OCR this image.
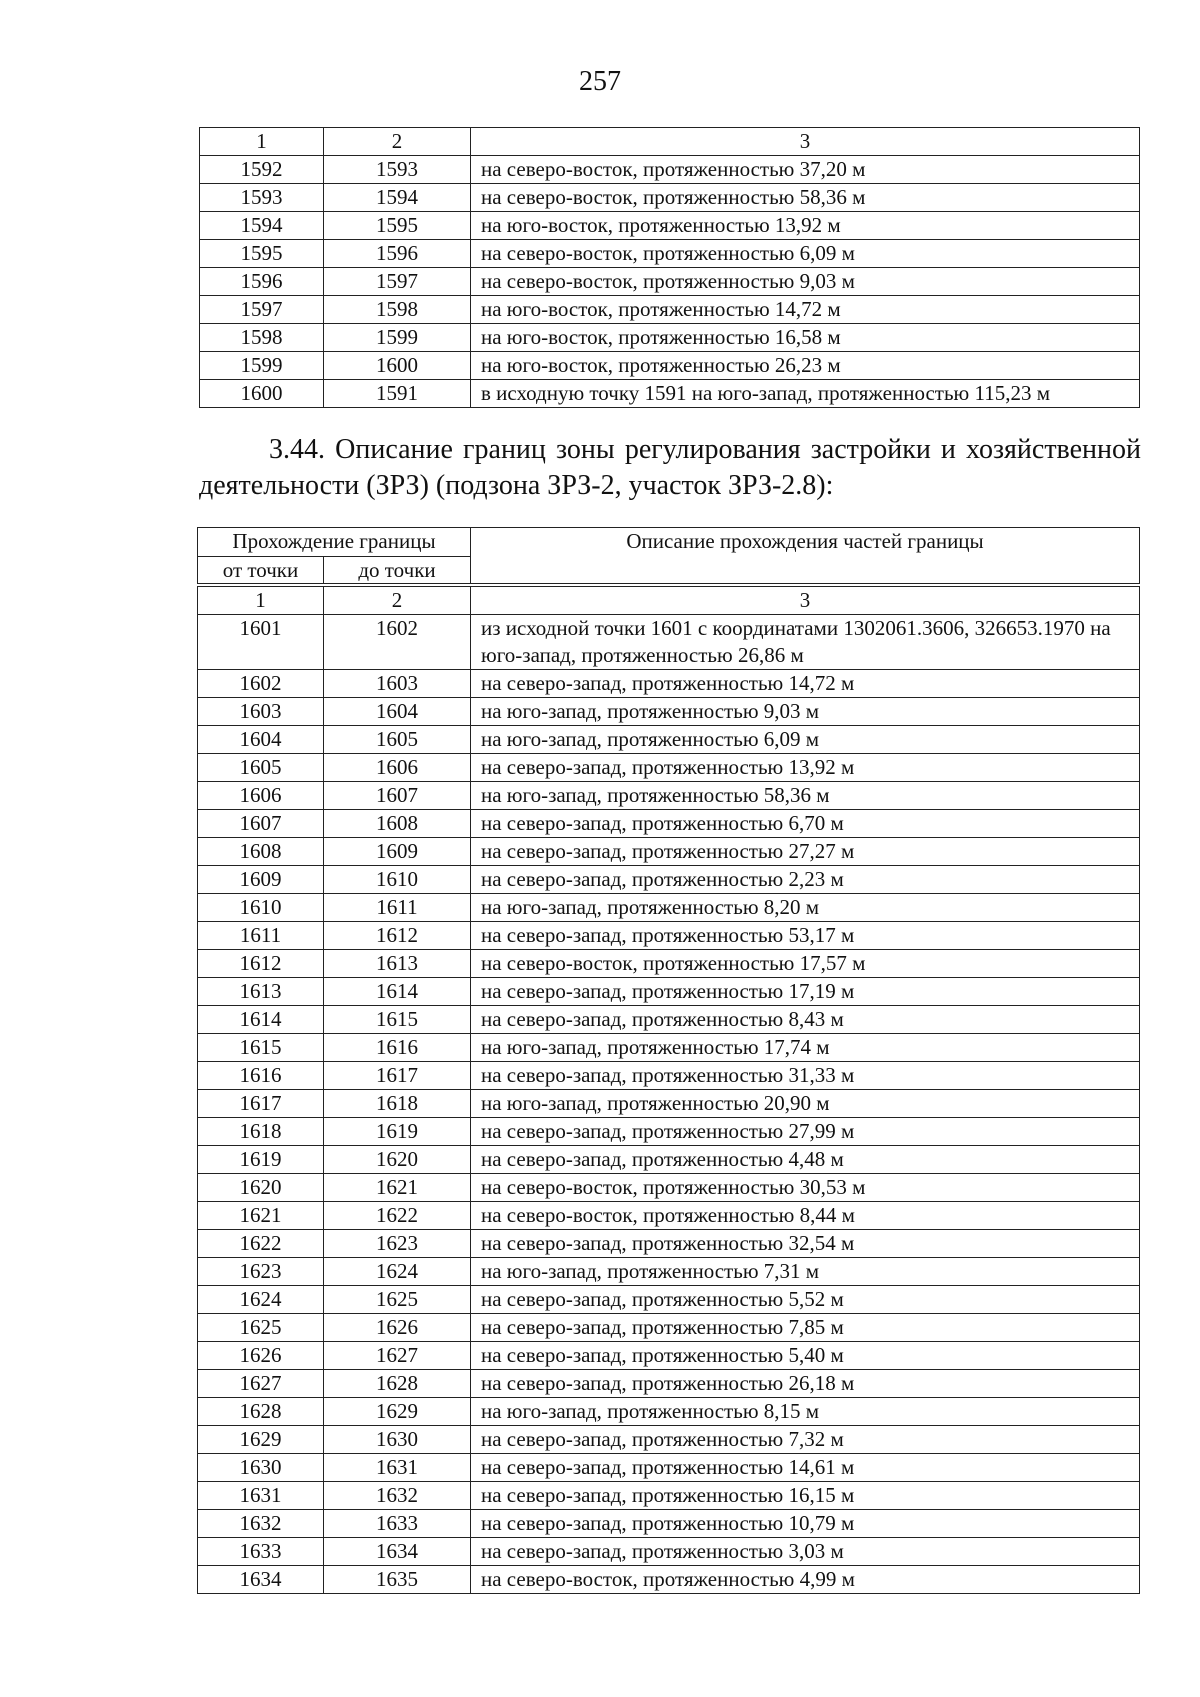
257
1	2	3
1592	1593	на северо-восток, протяженностью 37,20 м
1593	1594	на северо-восток, протяженностью 58,36 м
1594	1595	на юго-восток, протяженностью 13,92 м
1595	1596	на северо-восток, протяженностью 6,09 м
1596	1597	на северо-восток, протяженностью 9,03 м
1597	1598	на юго-восток, протяженностью 14,72 м
1598	1599	на юго-восток, протяженностью 16,58 м
1599	1600	на юго-восток, протяженностью 26,23 м
1600	1591	в исходную точку 1591 на юго-запад, протяженностью 115,23 м
3.44. Описание границ зоны регулирования застройки и хозяйственной деятельности (ЗРЗ) (подзона ЗРЗ-2, участок ЗРЗ-2.8):
Прохождение границы		Описание прохождения частей границы
от точки	до точки	
1	2	3
1601	1602	из исходной точки 1601 с координатами 1302061.3606, 326653.1970 на юго-запад, протяженностью 26,86 м
1602	1603	на северо-запад, протяженностью 14,72 м
1603	1604	на юго-запад, протяженностью 9,03 м
1604	1605	на юго-запад, протяженностью 6,09 м
1605	1606	на северо-запад, протяженностью 13,92 м
1606	1607	на юго-запад, протяженностью 58,36 м
1607	1608	на северо-запад, протяженностью 6,70 м
1608	1609	на северо-запад, протяженностью 27,27 м
1609	1610	на северо-запад, протяженностью 2,23 м
1610	1611	на юго-запад, протяженностью 8,20 м
1611	1612	на северо-запад, протяженностью 53,17 м
1612	1613	на северо-восток, протяженностью 17,57 м
1613	1614	на северо-запад, протяженностью 17,19 м
1614	1615	на северо-запад, протяженностью 8,43 м
1615	1616	на юго-запад, протяженностью 17,74 м
1616	1617	на северо-запад, протяженностью 31,33 м
1617	1618	на юго-запад, протяженностью 20,90 м
1618	1619	на северо-запад, протяженностью 27,99 м
1619	1620	на северо-запад, протяженностью 4,48 м
1620	1621	на северо-восток, протяженностью 30,53 м
1621	1622	на северо-восток, протяженностью 8,44 м
1622	1623	на северо-запад, протяженностью 32,54 м
1623	1624	на юго-запад, протяженностью 7,31 м
1624	1625	на северо-запад, протяженностью 5,52 м
1625	1626	на северо-запад, протяженностью 7,85 м
1626	1627	на северо-запад, протяженностью 5,40 м
1627	1628	на северо-запад, протяженностью 26,18 м
1628	1629	на юго-запад, протяженностью 8,15 м
1629	1630	на северо-запад, протяженностью 7,32 м
1630	1631	на северо-запад, протяженностью 14,61 м
1631	1632	на северо-запад, протяженностью 16,15 м
1632	1633	на северо-запад, протяженностью 10,79 м
1633	1634	на северо-запад, протяженностью 3,03 м
1634	1635	на северо-восток, протяженностью 4,99 м
